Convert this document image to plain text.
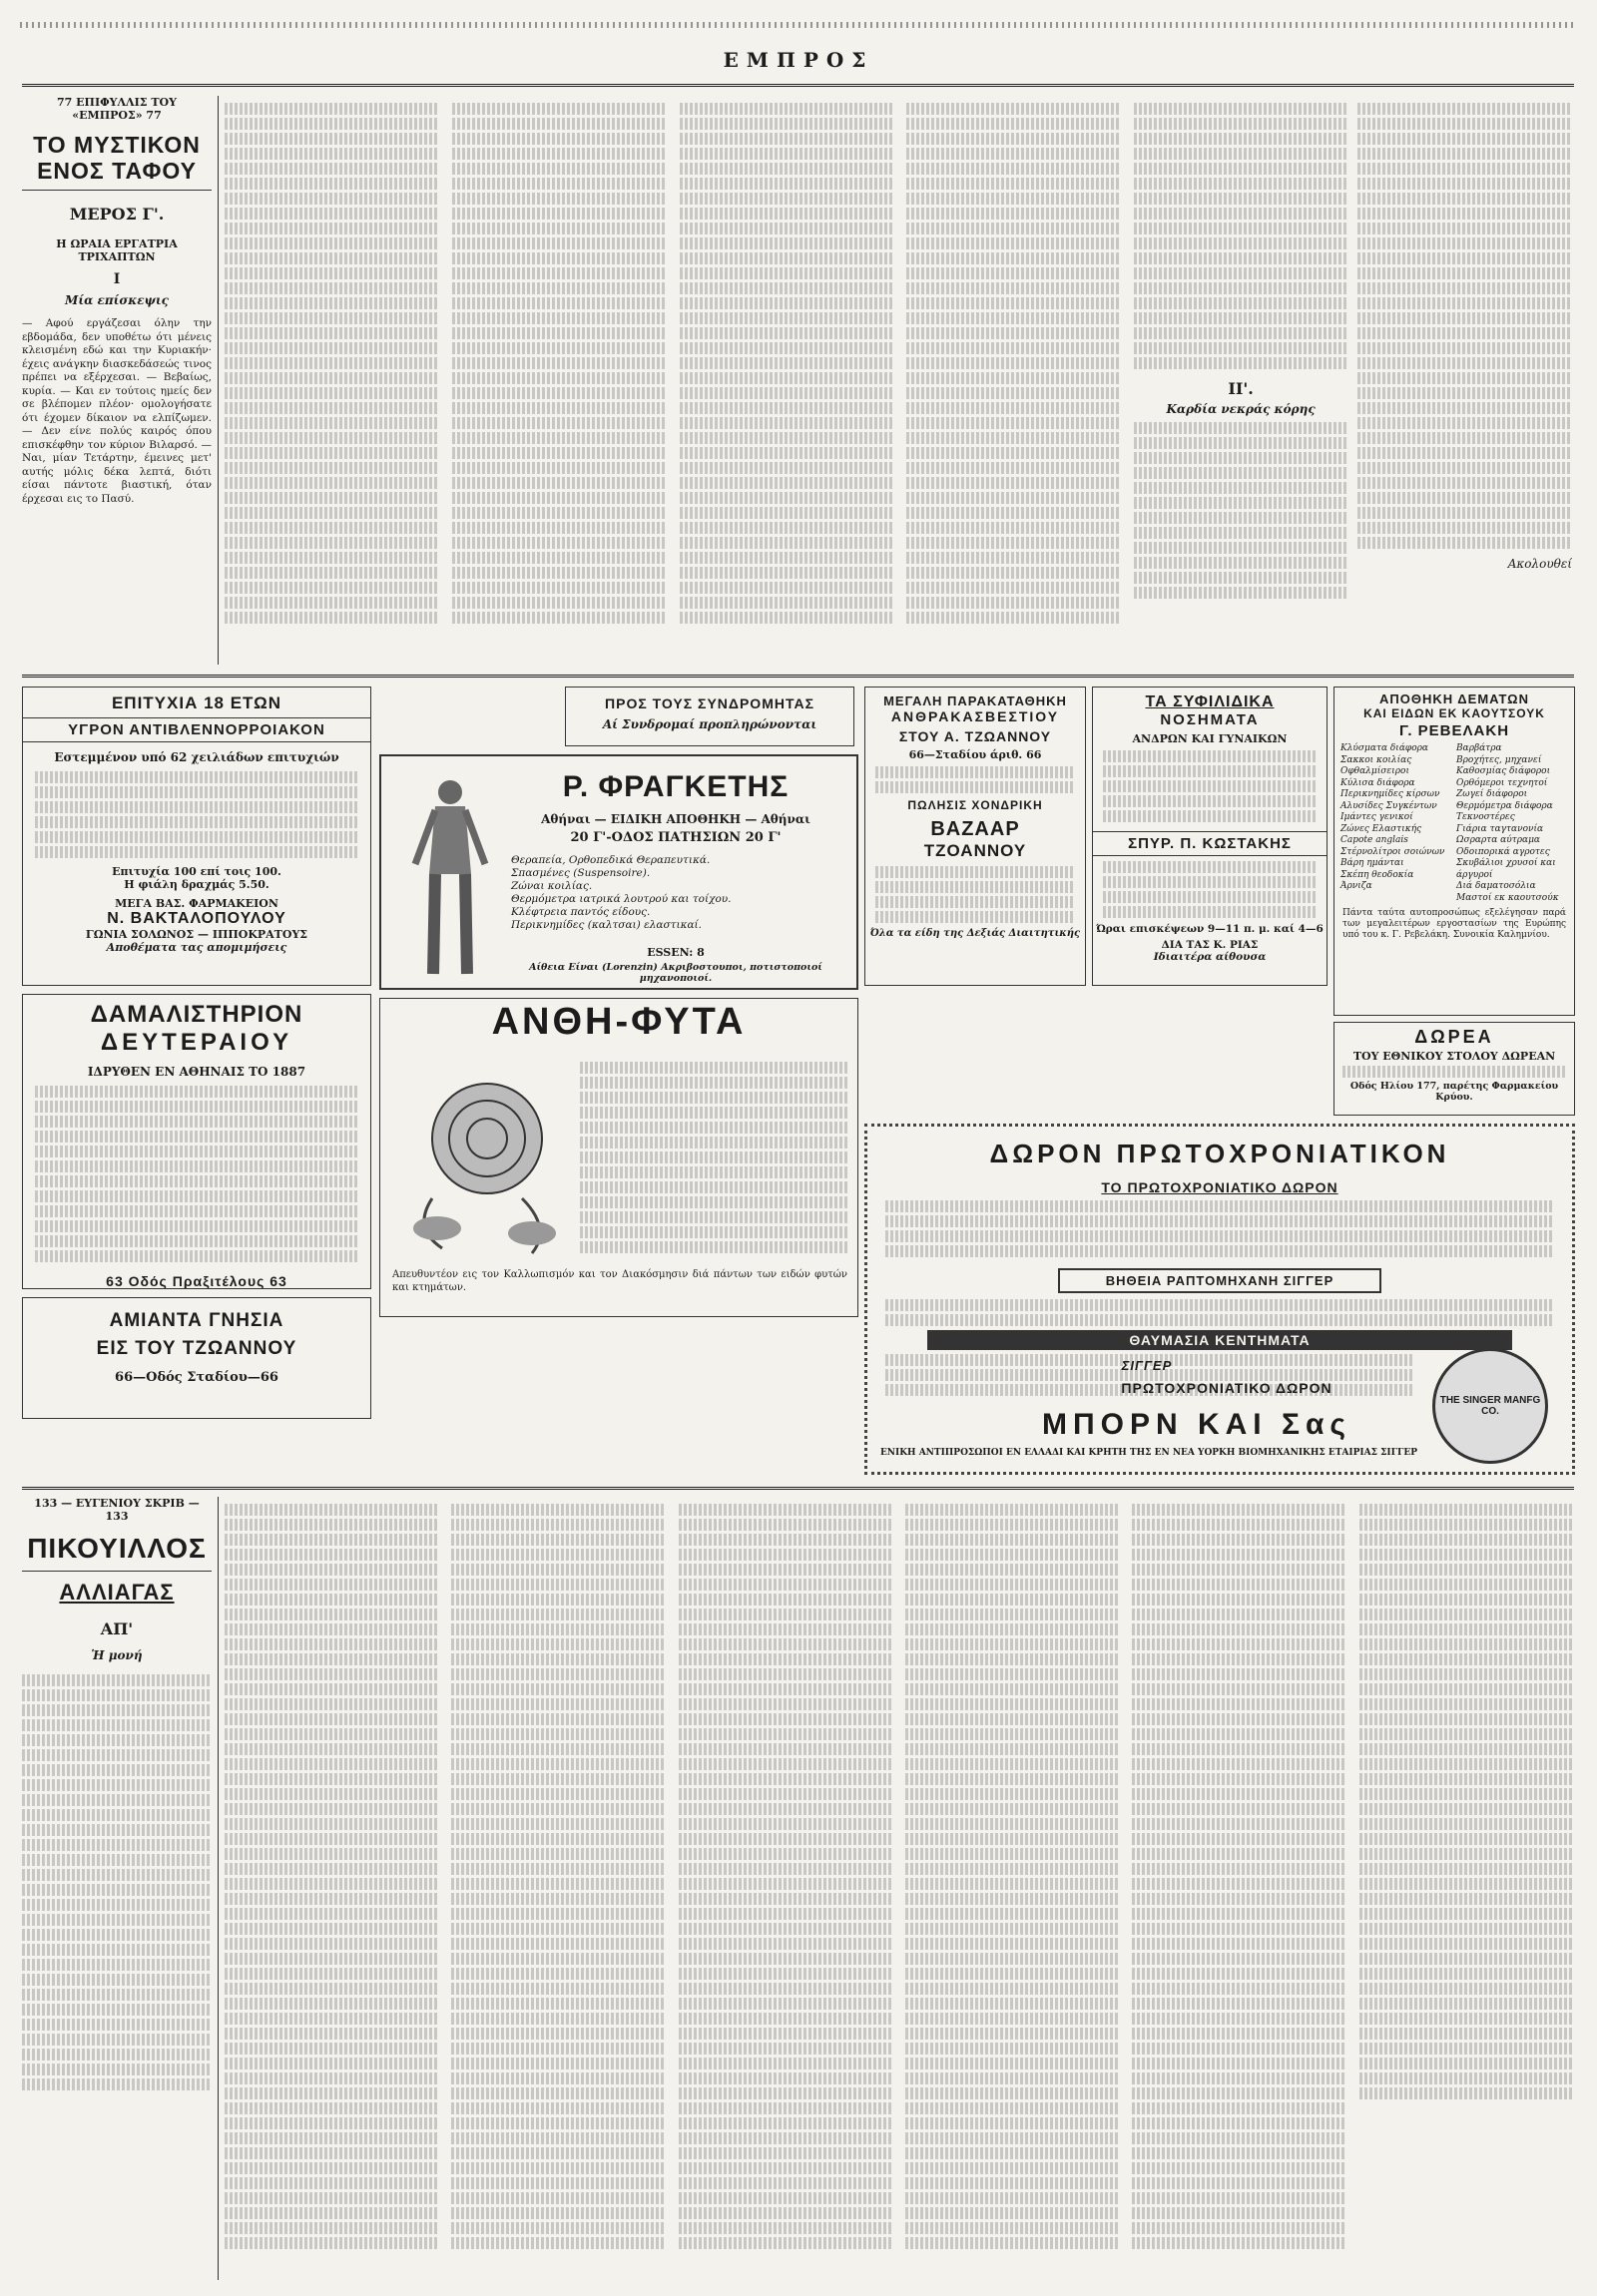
ΕΜΠΡΟΣ
77 ΕΠΙΦΥΛΛΙΣ ΤΟΥ «ΕΜΠΡΟΣ» 77
ΤΟ ΜΥΣΤΙΚΟΝ ΕΝΟΣ ΤΑΦΟΥ
ΜΕΡΟΣ Γ'.
Η ΩΡΑΙΑ ΕΡΓΑΤΡΙΑ ΤΡΙΧΑΠΤΩΝ
Ι
Μία επίσκεψις
— Αφού εργάζεσαι όλην την εβδομάδα, δεν υποθέτω ότι μένεις κλεισμένη εδώ και την Κυριακήν· έχεις ανάγκην διασκεδάσεώς τινος πρέπει να εξέρχεσαι. — Βεβαίως, κυρία. — Και εν τούτοις ημείς δεν σε βλέπομεν πλέον· ομολογήσατε ότι έχομεν δίκαιον να ελπίζωμεν. — Δεν είνε πολύς καιρός όπου επισκέφθην τον κύριον Βιλαρσό. — Ναι, μίαν Τετάρτην, έμεινες μετ' αυτής μόλις δέκα λεπτά, διότι είσαι πάντοτε βιαστική, όταν έρχεσαι εις το Πασύ.
ΙΙ'.
Καρδία νεκράς κόρης
Ακολουθεί
ΕΠΙΤΥΧΙΑ 18 ΕΤΩΝ
ΥΓΡΟΝ ΑΝΤΙΒΛΕΝΝΟΡΡΟΙΑΚΟΝ
Εστεμμένον υπό 62 χειλιάδων επιτυχιών
Επιτυχία 100 επί τοις 100.
Η φιάλη δραχμάς 5.50.
ΜΕΓΑ ΒΑΣ. ΦΑΡΜΑΚΕΙΟΝ
Ν. ΒΑΚΤΑΛΟΠΟΥΛΟΥ
ΓΩΝΙΑ ΣΟΛΩΝΟΣ — ΙΠΠΟΚΡΑΤΟΥΣ
Αποθέματα τας απομιμήσεις
ΔΑΜΑΛΙΣΤΗΡΙΟΝ
ΔΕΥΤΕΡΑΙΟΥ
ΙΔΡΥΘΕΝ ΕΝ ΑΘΗΝΑΙΣ ΤΟ 1887
63 Οδός Πραξιτέλους 63
ΑΜΙΑΝΤΑ ΓΝΗΣΙΑ
ΕΙΣ ΤΟΥ ΤΖΩΑΝΝΟΥ
66—Οδός Σταδίου—66
ΠΡΟΣ ΤΟΥΣ ΣΥΝΔΡΟΜΗΤΑΣ
Αί Συνδρομαί προπληρώνονται
Ρ. ΦΡΑΓΚΕΤΗΣ
Αθήναι — ΕΙΔΙΚΗ ΑΠΟΘΗΚΗ — Αθήναι
20 Γ'-ΟΔΟΣ ΠΑΤΗΣΙΩΝ 20 Γ'
Θεραπεία, Ορθοπεδικά Θεραπευτικά.
Σπασμένες (Suspensoire).
Ζώναι κοιλίας.
Θερμόμετρα ιατρικά λουτρού και τοίχου.
Κλέφτρεια παντός είδους.
Περικνημίδες (καλτσαι) ελαστικαί.
ESSEN: 8
Αίθεια Είναι (Lorenzin) Ακριβοστουποι, ποτιστοποιοί μηχανοποιοί.
ΑΝΘΗ-ΦΥΤΑ
Απευθυντέον εις τον Καλλωπισμόν και τον Διακόσμησιν διά πάντων των ειδών φυτών και κτημάτων.
ΜΕΓΑΛΗ ΠΑΡΑΚΑΤΑΘΗΚΗ
ΑΝΘΡΑΚΑΣΒΕΣΤΙΟΥ
ΣΤΟΥ Α. ΤΖΩΑΝΝΟΥ
66—Σταδίου άριθ. 66
ΠΩΛΗΣΙΣ ΧΟΝΔΡΙΚΗ
ΒΑΖΑΑΡ
ΤΖΟΑΝΝΟΥ
Όλα τα είδη της Δεξιάς Διαιτητικής
ΤΑ ΣΥΦΙΛΙΔΙΚΑ
ΝΟΣΗΜΑΤΑ
ΑΝΔΡΩΝ ΚΑΙ ΓΥΝΑΙΚΩΝ
ΣΠΥΡ. Π. ΚΩΣΤΑΚΗΣ
Ώραι επισκέψεων 9—11 π. μ. καί 4—6
ΔΙΑ ΤΑΣ Κ. ΡΙΑΣ
Ιδιαιτέρα αίθουσα
ΑΠΟΘΗΚΗ ΔΕΜΑΤΩΝ
ΚΑΙ ΕΙΔΩΝ ΕΚ ΚΑΟΥΤΣΟΥΚ
Γ. ΡΕΒΕΛΑΚΗ
Κλύσματα διάφορα
Σακκοι κοιλίας
Οφθαλμίσειροι
Κύλισα διάφορα
Περικνημίδες κίρσων
Αλυσίδες Συγκέντων
Ιμάντες γενικοί
Ζώνες Ελαστικής
Capote anglais
Στέρνολίτροι σοιώνων
Βάρη ημάνται
Σκέπη θεοδοκία
Άρνιζα
Βαρβάτρα
Βροχήτες, μηχανεί
Καθοσμίας διάφοροι
Ορθόμεροι τεχνητοί
Ζωγεί διάφοροι
Θερμόμετρα διάφορα
Τεκνοστέρες
Γιάρια ταγτανονία
Ωσραρτα αύτραμα
Οδοιπορικά αγροτες
Σκυβάλιοι χρυσοί και άργυροί
Διά δαματοσόλια
Μαστοί εκ καουτσούκ
Πάντα ταύτα αυτοπροσώπως εξελέγησαν παρά των μεγαλειτέρων εργοστασίων της Ευρώπης υπό του κ. Γ. Ρεβελάκη. Συνοικία Καλημνίου.
ΔΩΡΕΑ
ΤΟΥ ΕΘΝΙΚΟΥ ΣΤΟΛΟΥ ΔΩΡΕΑΝ
Οδός Ηλίου 177, παρέτης Φαρμακείου Κρύου.
ΔΩΡΟΝ ΠΡΩΤΟΧΡΟΝΙΑΤΙΚΟΝ
ΤΟ ΠΡΩΤΟΧΡΟΝΙΑΤΙΚΟ ΔΩΡΟΝ
ΒΗΘΕΙΑ ΡΑΠΤΟΜΗΧΑΝΗ ΣΙΓΓΕΡ
ΘΑΥΜΑΣΙΑ ΚΕΝΤΗΜΑΤΑ
ΣΙΓΓΕΡ
ΠΡΩΤΟΧΡΟΝΙΑΤΙΚΟ ΔΩΡΟΝ
ΜΠΟΡΝ ΚΑΙ Σας
ΕΝΙΚΗ ΑΝΤΙΠΡΟΣΩΠΟΙ ΕΝ ΕΛΛΑΔΙ ΚΑΙ ΚΡΗΤΗ ΤΗΣ ΕΝ ΝΕΑ ΥΟΡΚΗ ΒΙΟΜΗΧΑΝΙΚΗΣ ΕΤΑΙΡΙΑΣ ΣΙΓΓΕΡ
THE SINGER MANFG CO.
133 — ΕΥΓΕΝΙΟΥ ΣΚΡΙΒ — 133
ΠΙΚΟΥΙΛΛΟΣ
ΑΛΛΙΑΓΑΣ
ΑΠ'
Ἡ μονή
